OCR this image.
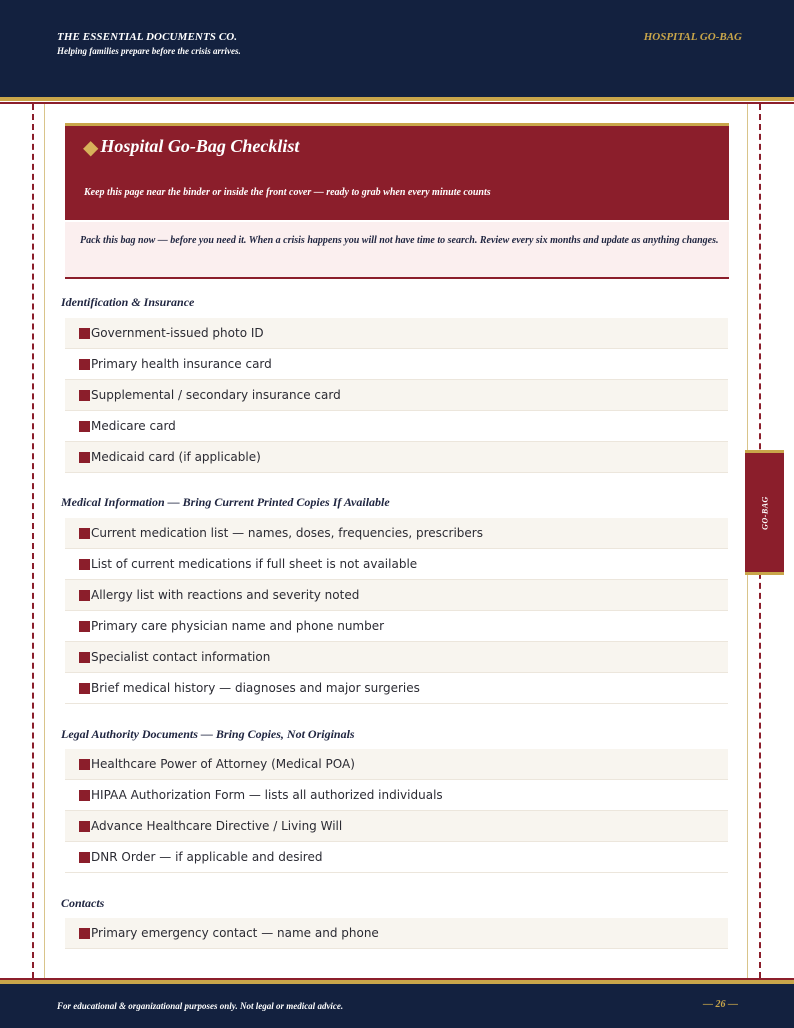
THE ESSENTIAL DOCUMENTS CO.
Helping families prepare before the crisis arrives.
HOSPITAL GO-BAG
GO-BAG
◆ Hospital Go-Bag Checklist
Keep this page near the binder or inside the front cover — ready to grab when every minute counts
Pack this bag now — before you need it. When a crisis happens you will not have time to search. Review every six months and update as anything changes.
Identification & Insurance
Government-issued photo ID
Primary health insurance card
Supplemental / secondary insurance card
Medicare card
Medicaid card (if applicable)
Medical Information — Bring Current Printed Copies If Available
Current medication list — names, doses, frequencies, prescribers
List of current medications if full sheet is not available
Allergy list with reactions and severity noted
Primary care physician name and phone number
Specialist contact information
Brief medical history — diagnoses and major surgeries
Legal Authority Documents — Bring Copies, Not Originals
Healthcare Power of Attorney (Medical POA)
HIPAA Authorization Form — lists all authorized individuals
Advance Healthcare Directive / Living Will
DNR Order — if applicable and desired
Contacts
Primary emergency contact — name and phone
For educational & organizational purposes only. Not legal or medical advice.	— 26 —
